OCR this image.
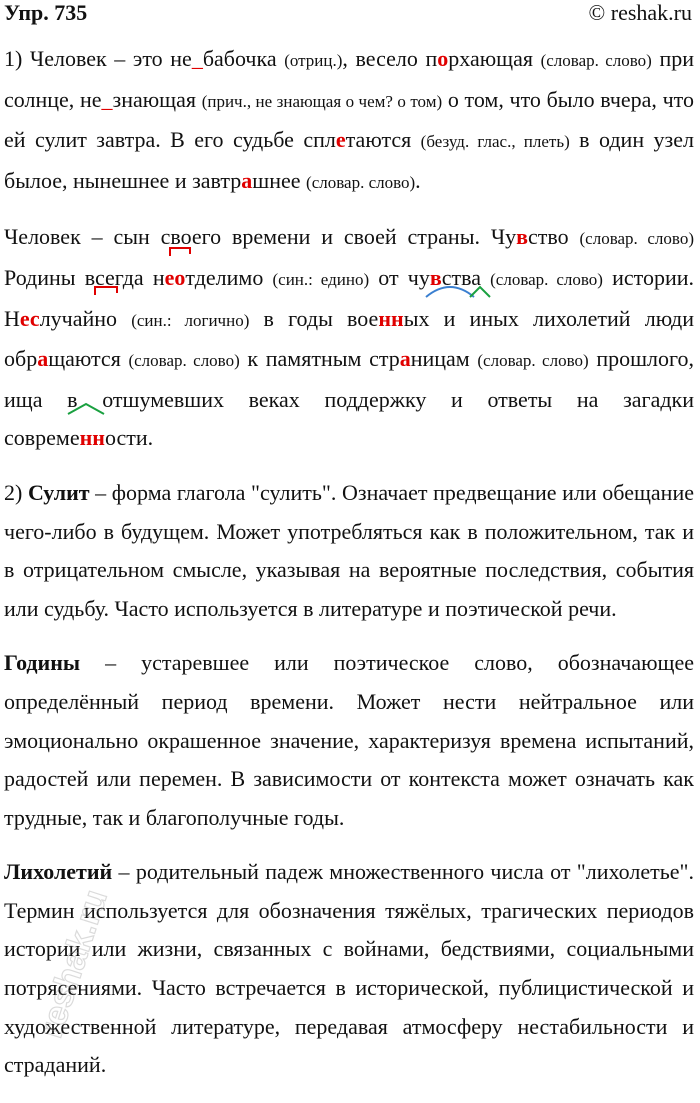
Упр. 735	© reshak.ru

1) Человек – это не_бабочка (отриц.), весело порхающая (словар. слово) при солнце, не_знающая (прич., не знающая о чем? о том) о том, что было вчера, что ей сулит завтра. В его судьбе сплетаются (безуд. глас., плеть) в один узел былое, нынешнее и завтрашнее (словар. слово).

Человек – сын своего времени и своей страны. Чувство (словар. слово) Родины всегда неотделимо (син.: едино) от чувства (словар. слово) истории. Неслучайно (син.: логично) в годы военных и иных лихолетий люди обращаются (словар. слово) к памятным страницам (словар. слово) прошлого, ища в отшумевших веках поддержку и ответы на загадки современности.

2) Сулит – форма глагола "сулить". Означает предвещание или обещание чего-либо в будущем. Может употребляться как в положительном, так и в отрицательном смысле, указывая на вероятные последствия, события или судьбу. Часто используется в литературе и поэтической речи.

Годины – устаревшее или поэтическое слово, обозначающее определённый период времени. Может нести нейтральное или эмоционально окрашенное значение, характеризуя времена испытаний, радостей или перемен. В зависимости от контекста может означать как трудные, так и благополучные годы.

Лихолетий – родительный падеж множественного числа от "лихолетье". Термин используется для обозначения тяжёлых, трагических периодов истории или жизни, связанных с войнами, бедствиями, социальными потрясениями. Часто встречается в исторической, публицистической и художественной литературе, передавая атмосферу нестабильности и страданий.

reshak.ru
